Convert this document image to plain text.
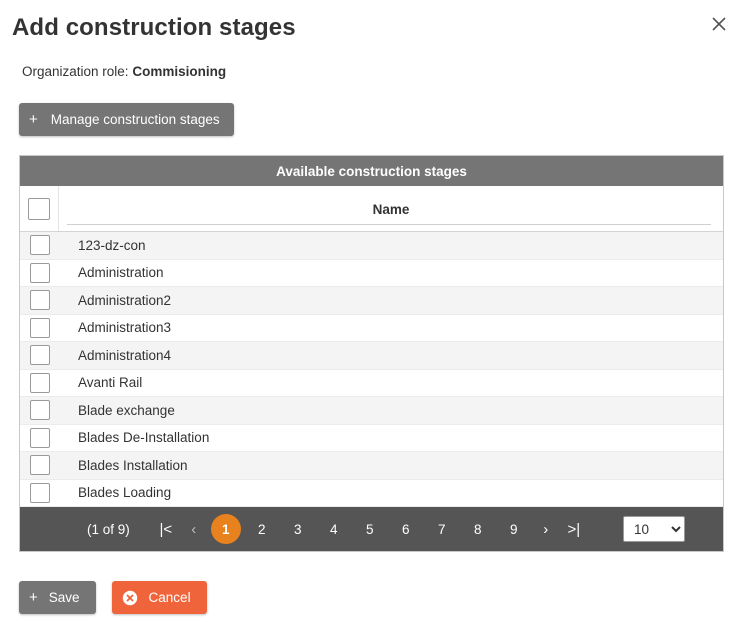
Add construction stages
Organization role: Commisioning
+ Manage construction stages
Available construction stages
Name
123-dz-con
Administration
Administration2
Administration3
Administration4
Avanti Rail
Blade exchange
Blades De-Installation
Blades Installation
Blades Loading
(1 of 9)	|<	‹	1	2	3	4	5	6	7	8	9	›	>|
10
+ Save	Cancel
